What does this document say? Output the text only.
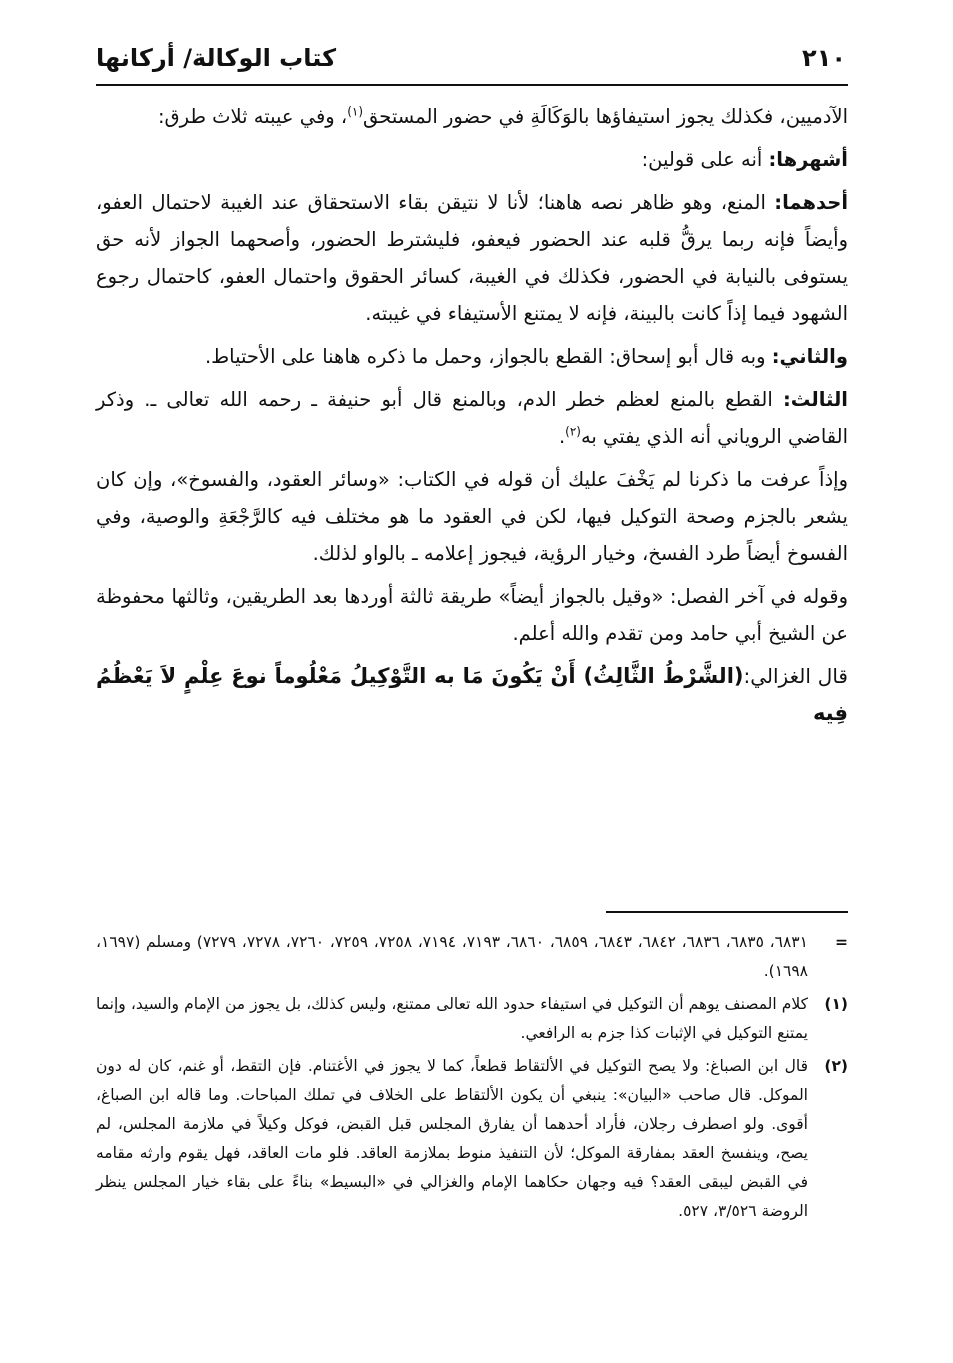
٢١٠
كتاب الوكالة/ أركانها

الآدميين، فكذلك يجوز استيفاؤها بالوَكَالَةِ في حضور المستحق$^{(١)}$، وفي عيبته ثلاث طرق:

أشهرها: أنه على قولين:

أحدهما: المنع، وهو ظاهر نصه هاهنا؛ لأنا لا نتيقن بقاء الاستحقاق عند الغيبة لاحتمال العفو، وأيضاً فإنه ربما يرقُّ قلبه عند الحضور فيعفو، فليشترط الحضور، وأصحهما الجواز لأنه حق يستوفى بالنيابة في الحضور، فكذلك في الغيبة، كسائر الحقوق واحتمال العفو، كاحتمال رجوع الشهود فيما إذاً كانت بالبينة، فإنه لا يمتنع الأستيفاء في غيبته.

والثاني: وبه قال أبو إسحاق: القطع بالجواز، وحمل ما ذكره هاهنا على الأحتياط.

الثالث: القطع بالمنع لعظم خطر الدم، وبالمنع قال أبو حنيفة ـ رحمه الله تعالى ـ. وذكر القاضي الروياني أنه الذي يفتي به$^{(٢)}$.

وإذاً عرفت ما ذكرنا لم يَخْفَ عليك أن قوله في الكتاب: «وسائر العقود، والفسوخ»، وإن كان يشعر بالجزم وصحة التوكيل فيها، لكن في العقود ما هو مختلف فيه كالرَّجْعَةِ والوصية، وفي الفسوخ أيضاً طرد الفسخ، وخيار الرؤية، فيجوز إعلامه ـ بالواو لذلك.

وقوله في آخر الفصل: «وقيل بالجواز أيضاً» طريقة ثالثة أوردها بعد الطريقين، وثالثها محفوظة عن الشيخ أبي حامد ومن تقدم والله أعلم.

قال الغزالي:(الشَّرْطُ الثَّالِثُ) أَنْ يَكُونَ مَا به التَّوْكِيلُ مَعْلُوماً نوعَ عِلْمٍ لاَ يَعْظُمُ فِيه

=
٦٨٣١، ٦٨٣٥، ٦٨٣٦، ٦٨٤٢، ٦٨٤٣، ٦٨٥٩، ٦٨٦٠، ٧١٩٣، ٧١٩٤، ٧٢٥٨، ٧٢٥٩، ٧٢٦٠، ٧٢٧٨، ٧٢٧٩) ومسلم (١٦٩٧، ١٦٩٨).
(١)
كلام المصنف يوهم أن التوكيل في استيفاء حدود الله تعالى ممتنع، وليس كذلك، بل يجوز من الإمام والسيد، وإنما يمتنع التوكيل في الإثبات كذا جزم به الرافعي.
(٢)
قال ابن الصباغ: ولا يصح التوكيل في الألتقاط قطعاً، كما لا يجوز في الأغتنام. فإن التقط، أو غنم، كان له دون الموكل. قال صاحب «البيان»: ينبغي أن يكون الألتقاط على الخلاف في تملك المباحات. وما قاله ابن الصباغ، أقوى. ولو اصطرف رجلان، فأراد أحدهما أن يفارق المجلس قبل القبض، فوكل وكيلاً في ملازمة المجلس، لم يصح، وينفسخ العقد بمفارقة الموكل؛ لأن التنفيذ منوط بملازمة العاقد. فلو مات العاقد، فهل يقوم وارثه مقامه في القبض ليبقى العقد؟ فيه وجهان حكاهما الإمام والغزالي في «البسيط» بناءً على بقاء خيار المجلس ينظر الروضة ٣/٥٢٦، ٥٢٧.
